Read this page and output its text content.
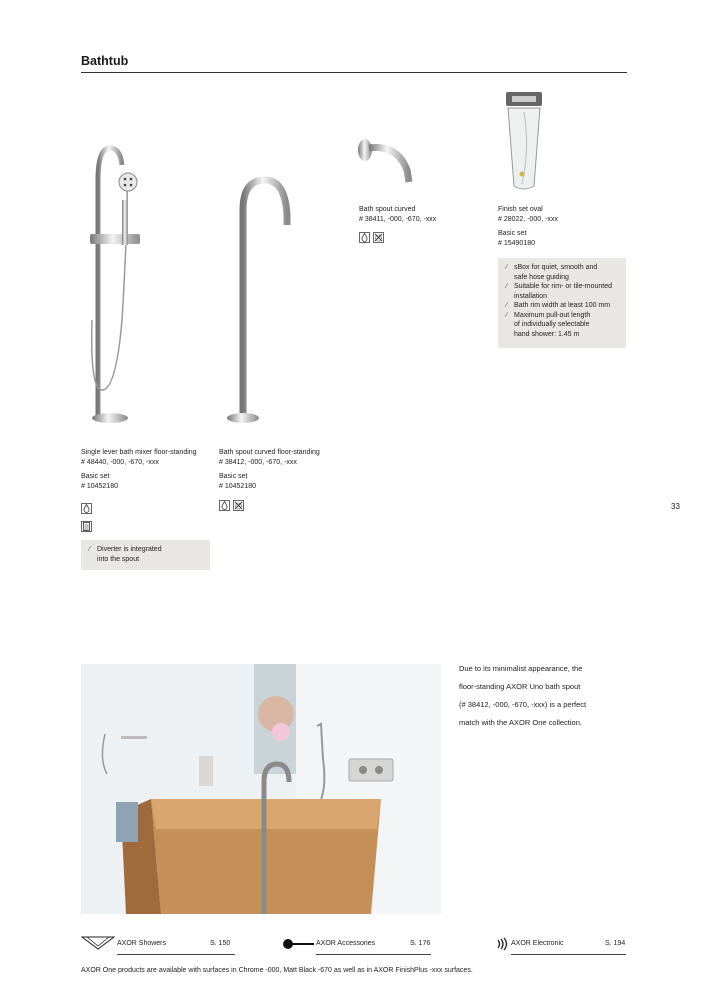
Bathtub
Single lever bath mixer floor-standing
# 48440, -000, -670, -xxx
Basic set
# 10452180
⁄ Diverter is integrated
into the spout
Bath spout curved floor-standing
# 38412, -000, -670, -xxx
Basic set
# 10452180
Bath spout curved
# 38411, -000, -670, -xxx
Finish set oval
# 28022, -000, -xxx
Basic set
# 15490180
⁄ sBox for quiet, smooth and
safe hose guiding
⁄ Suitable for rim- or tile-mounted
installation
⁄ Bath rim width at least 100 mm
⁄ Maximum pull-out length
of individually selectable
hand shower: 1.45 m
33
Due to its minimalist appearance, the
floor-standing AXOR Uno bath spout
(# 38412, -000, -670, -xxx) is a perfect
match with the AXOR One collection.
AXOR Showers	S. 150	AXOR Accessories	S. 176	AXOR Electronic	S. 194
AXOR One products are available with surfaces in Chrome -000, Matt Black -670 as well as in AXOR FinishPlus -xxx surfaces.
